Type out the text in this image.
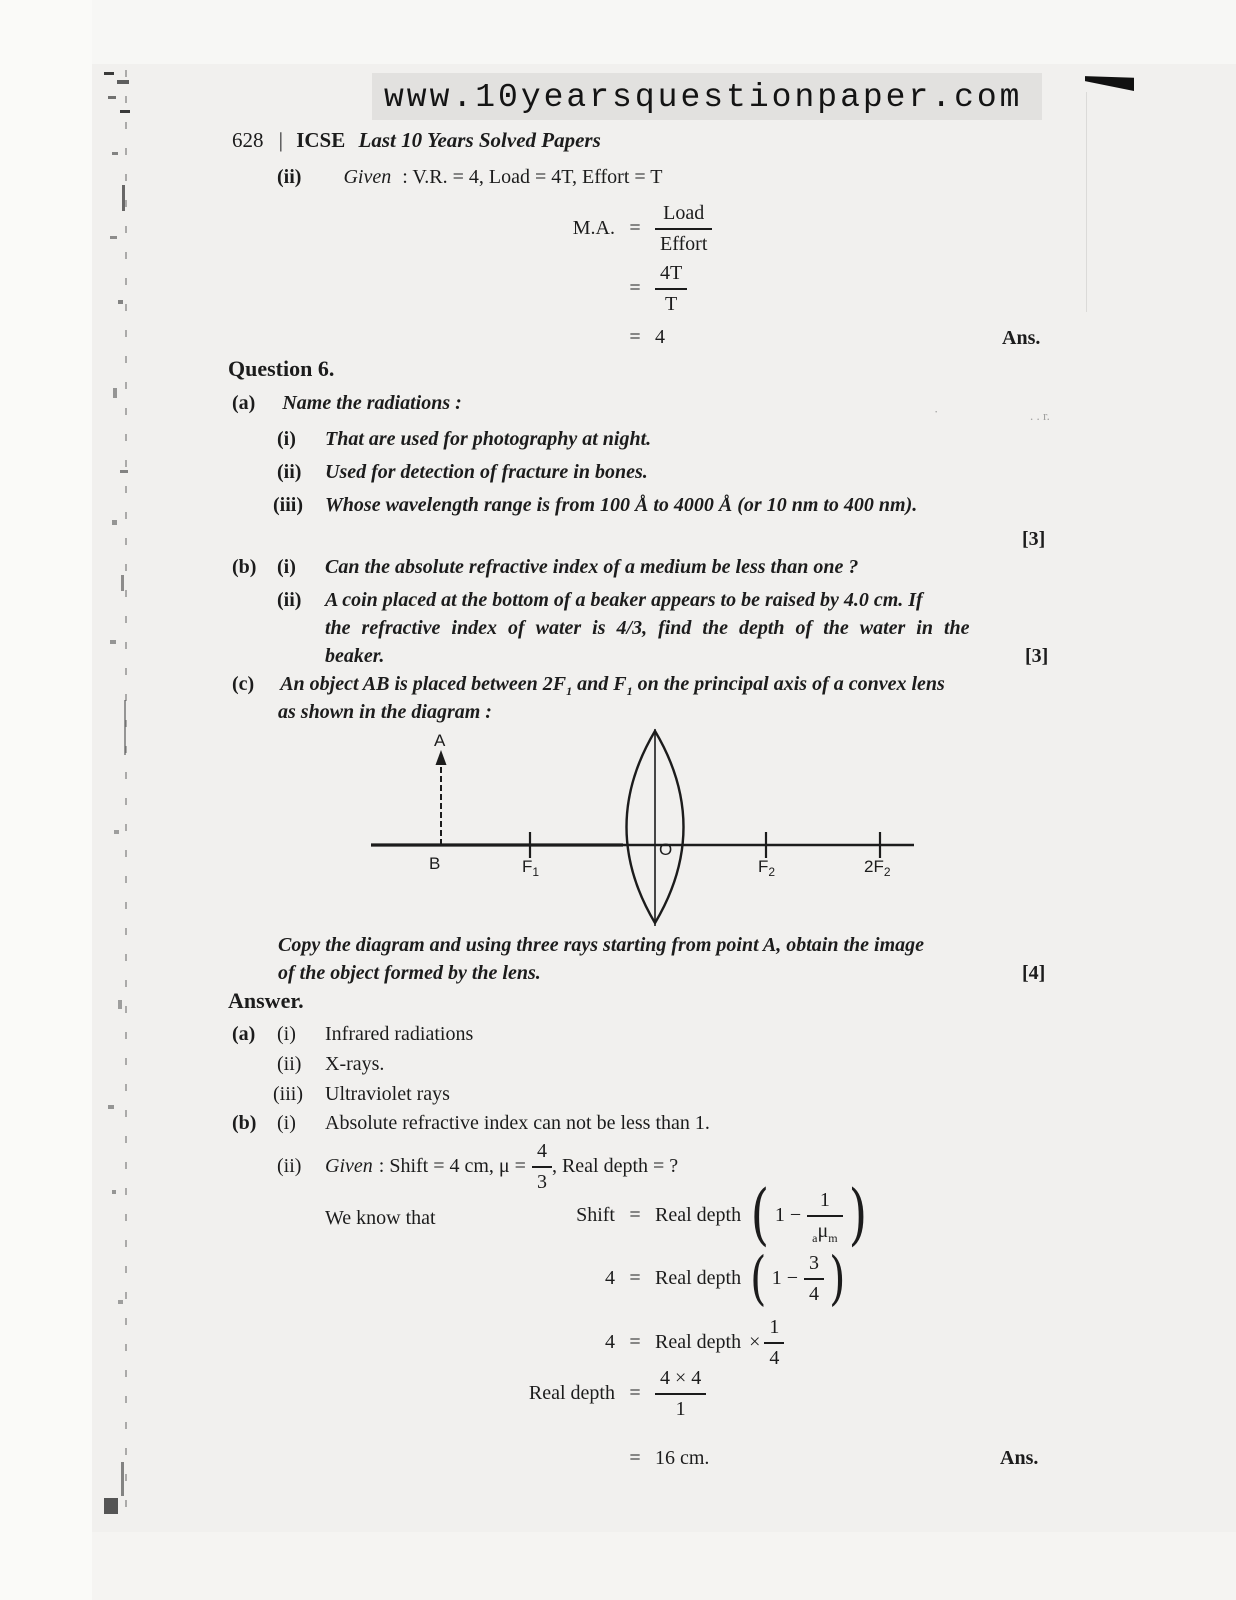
www.10yearsquestionpaper.com
628 | ICSE Last 10 Years Solved Papers
(ii) Given : V.R. = 4, Load = 4T, Effort = T
M.A. = $\frac{\text{Load}}{\text{Effort}}$
= $\frac{4T}{T}$
= 4	Ans.
Question 6.
(a) Name the radiations :
(i)	That are used for photography at night.
(ii)	Used for detection of fracture in bones.
(iii)	Whose wavelength range is from 100 Å to 4000 Å (or 10 nm to 400 nm).
[3]
(b)	(i)	Can the absolute refractive index of a medium be less than one ?
(ii) A coin placed at the bottom of a beaker appears to be raised by 4.0 cm. If
the refractive index of water is 4/3, find the depth of the water in the
beaker.	[3]
(c) An object AB is placed between $2F_1$ and $F_1$ on the principal axis of a convex lens
as shown in the diagram :
A
B	$F_1$
O
$F_2$	$2F_2$
Copy the diagram and using three rays starting from point A, obtain the image
of the object formed by the lens.	[4]
Answer.
(a)	(i)	Infrared radiations
(ii)	X-rays.
(iii)	Ultraviolet rays
(b)	(i)	Absolute refractive index can not be less than 1.
(ii)	Given : Shift = 4 cm, $\mu = \frac{4}{3}$ , Real depth = ?
We know that	Shift = Real depth ( $1 - \frac{1}{_a\mu_m}$ )
4 = Real depth ( $1 - \frac{3}{4}$ )
4 = Real depth × $\frac{1}{4}$
Real depth = $\frac{4 \times 4}{1}$
= 16 cm.	Ans.
. . r.
·
